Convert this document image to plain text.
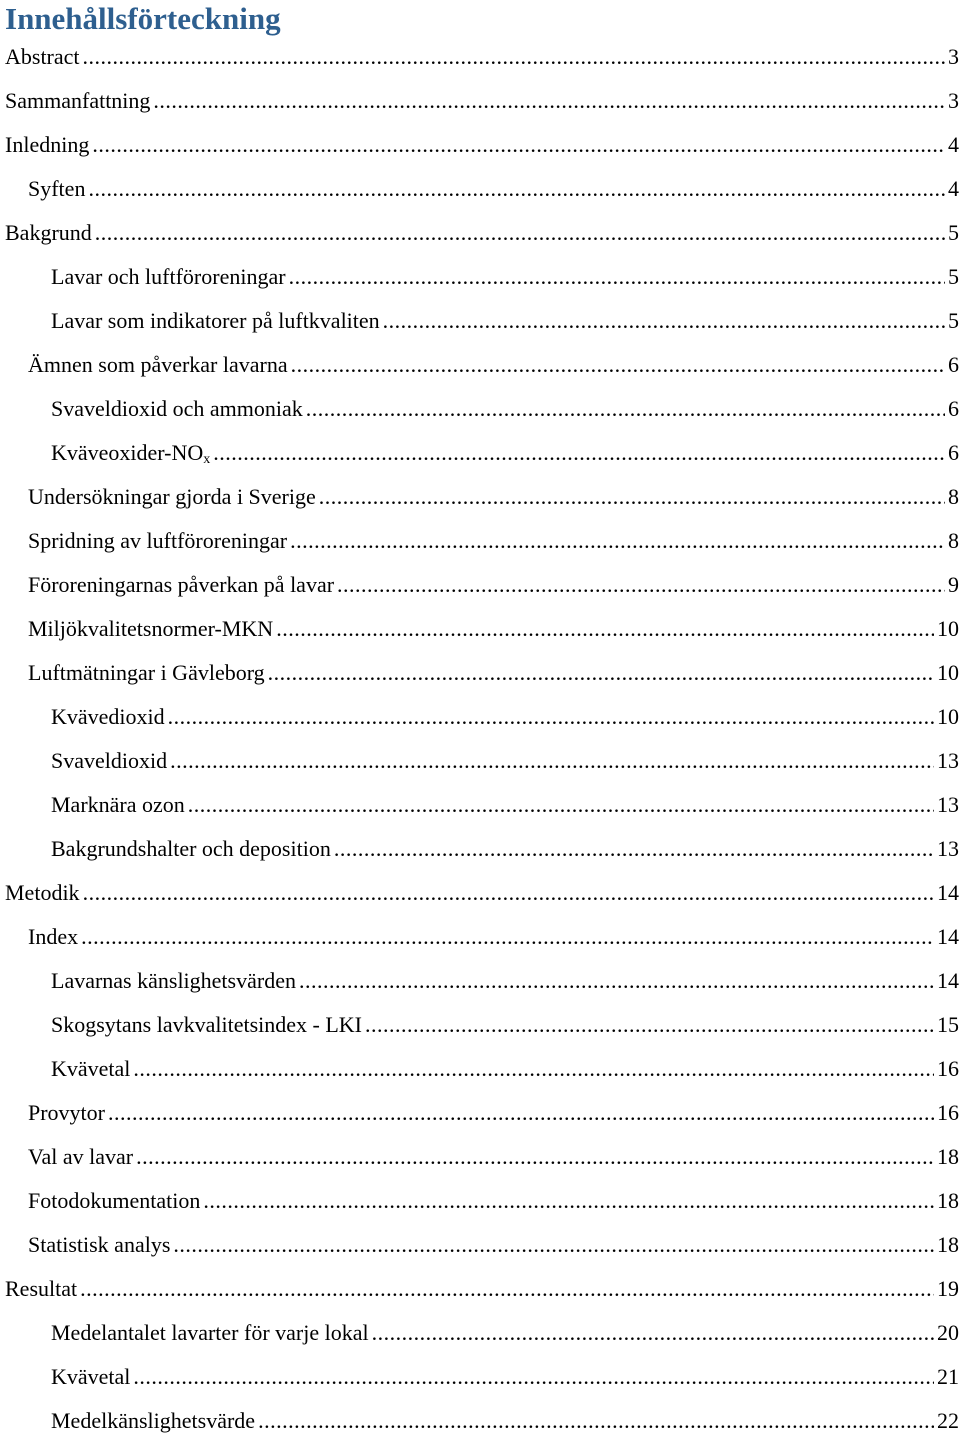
Innehållsförteckning
Abstract .....	3
Sammanfattning .....	3
Inledning .....	4
Syften .....	4
Bakgrund .....	5
Lavar och luftföroreningar .....	5
Lavar som indikatorer på luftkvaliten .....	5
Ämnen som påverkar lavarna .....	6
Svaveldioxid och ammoniak .....	6
Kväveoxider-$NO_x$ .....	6
Undersökningar gjorda i Sverige .....	8
Spridning av luftföroreningar .....	8
Föroreningarnas påverkan på lavar .....	9
Miljökvalitetsnormer-MKN .....	10
Luftmätningar i Gävleborg .....	10
Kvävedioxid .....	10
Svaveldioxid .....	13
Marknära ozon .....	13
Bakgrundshalter och deposition .....	13
Metodik .....	14
Index .....	14
Lavarnas känslighetsvärden .....	14
Skogsytans lavkvalitetsindex - LKI .....	15
Kvävetal .....	16
Provytor .....	16
Val av lavar .....	18
Fotodokumentation .....	18
Statistisk analys .....	18
Resultat .....	19
Medelantalet lavarter för varje lokal .....	20
Kvävetal .....	21
Medelkänslighetsvärde .....	22
